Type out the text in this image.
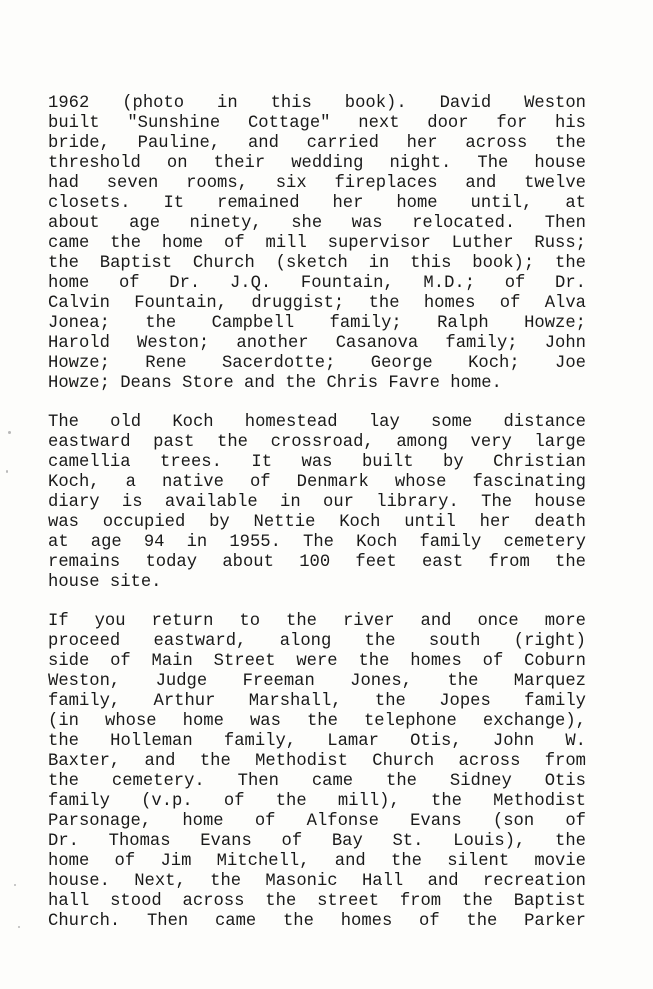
1962 (photo in this book). David Weston
built "Sunshine Cottage" next door for his
bride, Pauline, and carried her across the
threshold on their wedding night. The house
had seven rooms, six fireplaces and twelve
closets. It remained her home until, at
about age ninety, she was relocated. Then
came the home of mill supervisor Luther Russ;
the Baptist Church (sketch in this book); the
home of Dr. J.Q. Fountain, M.D.; of Dr.
Calvin Fountain, druggist; the homes of Alva
Jonea; the Campbell family; Ralph Howze;
Harold Weston; another Casanova family; John
Howze; Rene Sacerdotte; George Koch; Joe
Howze; Deans Store and the Chris Favre home.
The old Koch homestead lay some distance
eastward past the crossroad, among very large
camellia trees. It was built by Christian
Koch, a native of Denmark whose fascinating
diary is available in our library. The house
was occupied by Nettie Koch until her death
at age 94 in 1955. The Koch family cemetery
remains today about 100 feet east from the
house site.
If you return to the river and once more
proceed eastward, along the south (right)
side of Main Street were the homes of Coburn
Weston, Judge Freeman Jones, the Marquez
family, Arthur Marshall, the Jopes family
(in whose home was the telephone exchange),
the Holleman family, Lamar Otis, John W.
Baxter, and the Methodist Church across from
the cemetery. Then came the Sidney Otis
family (v.p. of the mill), the Methodist
Parsonage, home of Alfonse Evans (son of
Dr. Thomas Evans of Bay St. Louis), the
home of Jim Mitchell, and the silent movie
house. Next, the Masonic Hall and recreation
hall stood across the street from the Baptist
Church. Then came the homes of the Parker
